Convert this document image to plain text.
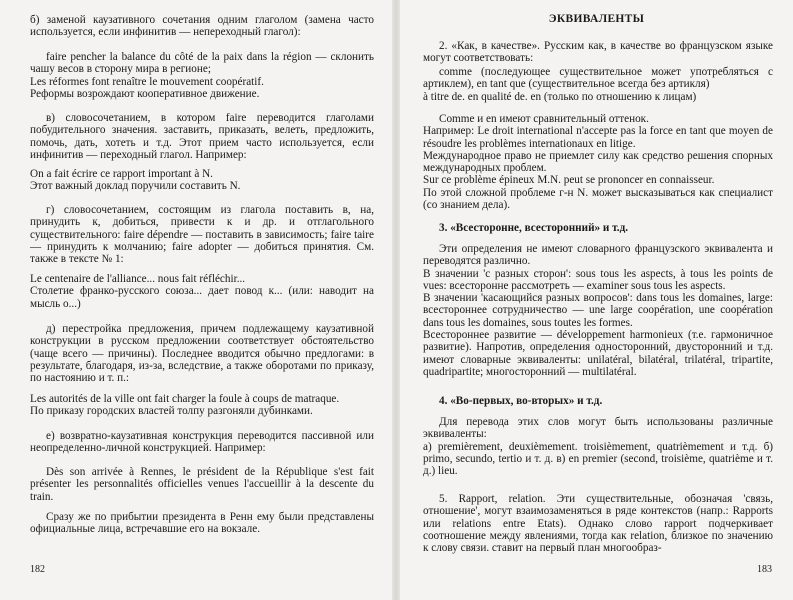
б) заменой каузативного сочетания одним глаголом (замена часто используется, если инфинитив — непереходный глагол):

faire pencher la balance du côté de la paix dans la région — склонить чашу весов в сторону мира в регионе;

Les réformes font renaître le mouvement coopératif.
Реформы возрождают кооперативное движение.

в) словосочетанием, в котором faire переводится глаголами побудительного значения. заставить, приказать, велеть, предложить, помочь, дать, хотеть и т.д. Этот прием часто используется, если инфинитив — переходный глагол. Например:

On a fait écrire ce rapport important à N.
Этот важный доклад поручили составить N.

г) словосочетанием, состоящим из глагола поставить в, на, принудить к, добиться, привести к и др. и отглагольного существительного: faire dépendre — поставить в зависимость; faire taire — принудить к молчанию; faire adopter — добиться принятия. См. также в тексте № 1:

Le centenaire de l'alliance... nous fait réfléchir...
Столетие франко-русского союза... дает повод к... (или: наводит на мысль о...)

д) перестройка предложения, причем подлежащему каузативной конструкции в русском предложении соответствует обстоятельство (чаще всего — причины). Последнее вводится обычно предлогами: в результате, благодаря, из-за, вследствие, а также оборотами по приказу, по настоянию и т. п.:

Les autorités de la ville ont fait charger la foule à coups de matraque.
По приказу городских властей толпу разгоняли дубинками.

е) возвратно-каузативная конструкция переводится пассивной или неопределенно-личной конструкцией. Например:

Dès son arrivée à Rennes, le président de la République s'est fait présenter les personnalités officielles venues l'accueillir à la descente du train.

Сразу же по прибытии президента в Ренн ему были представлены официальные лица, встречавшие его на вокзале.

182
ЭКВИВАЛЕНТЫ

2. «Как, в качестве». Русским как, в качестве во французском языке могут соответствовать:

comme (последующее существительное может употребляться с артиклем), en tant que (существительное всегда без артикля)
à titre de. en qualité de. en (только по отношению к лицам)

Comme и en имеют сравнительный оттенок.
Например: Le droit international n'accepte pas la force en tant que moyen de résoudre les problèmes internationaux en litige.
Международное право не приемлет силу как средство решения спорных международных проблем.
Sur ce problème épineux M.N. peut se prononcer en connaisseur.
По этой сложной проблеме г-н N. может высказываться как специалист (со знанием дела).

3. «Всесторонне, всесторонний» и т.д.

Эти определения не имеют словарного французского эквивалента и переводятся различно.
В значении 'с разных сторон': sous tous les aspects, à tous les points de vues: всесторонне рассмотреть — examiner sous tous les aspects.
В значении 'касающийся разных вопросов': dans tous les domaines, large: всестороннее сотрудничество — une large coopération, une coopération dans tous les domaines, sous toutes les formes.
Всестороннее развитие — développement harmonieux (т.е. гармоничное развитие). Напротив, определения односторонний, двусторонний и т.д. имеют словарные эквиваленты: unilatéral, bilatéral, trilatéral, tripartite, quadripartite; многосторонний — multilatéral.

4. «Во-первых, во-вторых» и т.д.

Для перевода этих слов могут быть использованы различные эквиваленты:
а) premièrement, deuxièmement. troisièmement, quatrièmement и т.д. б) primo, secundo, tertio и т. д. в) en premier (second, troisième, quatrième и т. д.) lieu.

5. Rapport, relation. Эти существительные, обозначая 'связь, отношение', могут взаимозаменяться в ряде контекстов (напр.: Rapports или relations entre Etats). Однако слово rapport подчеркивает соотношение между явлениями, тогда как relation, близкое по значению к слову связи. ставит на первый план многообраз-

183
